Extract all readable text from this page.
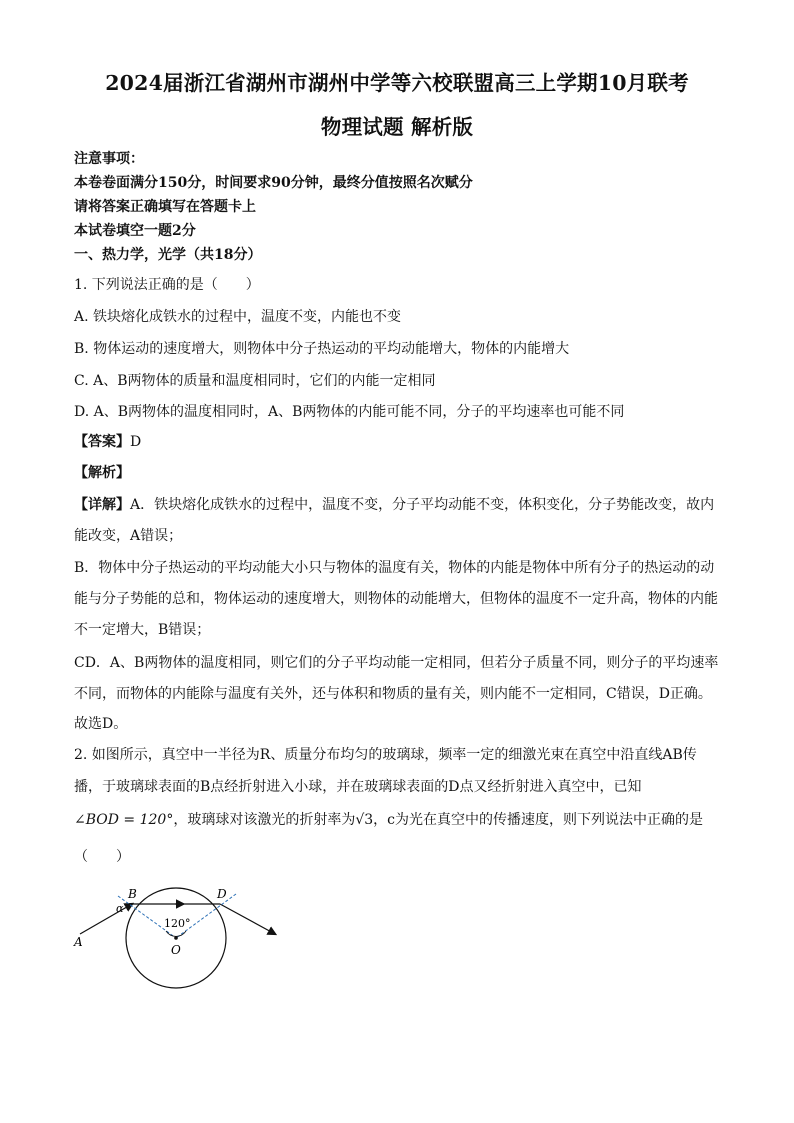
2024届浙江省湖州市湖州中学等六校联盟高三上学期10月联考
物理试题 解析版
注意事项：
本卷卷面满分150分，时间要求90分钟，最终分值按照名次赋分
请将答案正确填写在答题卡上
本试卷填空一题2分
一、热力学，光学（共18分）
1. 下列说法正确的是（　　）
A. 铁块熔化成铁水的过程中，温度不变，内能也不变
B. 物体运动的速度增大，则物体中分子热运动的平均动能增大，物体的内能增大
C. A、B两物体的质量和温度相同时，它们的内能一定相同
D. A、B两物体的温度相同时，A、B两物体的内能可能不同，分子的平均速率也可能不同
【答案】D
【解析】
【详解】A．铁块熔化成铁水的过程中，温度不变，分子平均动能不变，体积变化，分子势能改变，故内
能改变，A错误；
B．物体中分子热运动的平均动能大小只与物体的温度有关，物体的内能是物体中所有分子的热运动的动
能与分子势能的总和，物体运动的速度增大，则物体的动能增大，但物体的温度不一定升高，物体的内能
不一定增大，B错误；
CD．A、B两物体的温度相同，则它们的分子平均动能一定相同，但若分子质量不同，则分子的平均速率
不同，而物体的内能除与温度有关外，还与体积和物质的量有关，则内能不一定相同，C错误，D正确。
故选D。
2. 如图所示，真空中一半径为R、质量分布均匀的玻璃球，频率一定的细激光束在真空中沿直线AB传
播，于玻璃球表面的B点经折射进入小球，并在玻璃球表面的D点又经折射进入真空中，已知
∠BOD = 120°，玻璃球对该激光的折射率为√3，c为光在真空中的传播速度，则下列说法中正确的是
（　　）
B	D
A
O
α
120°
